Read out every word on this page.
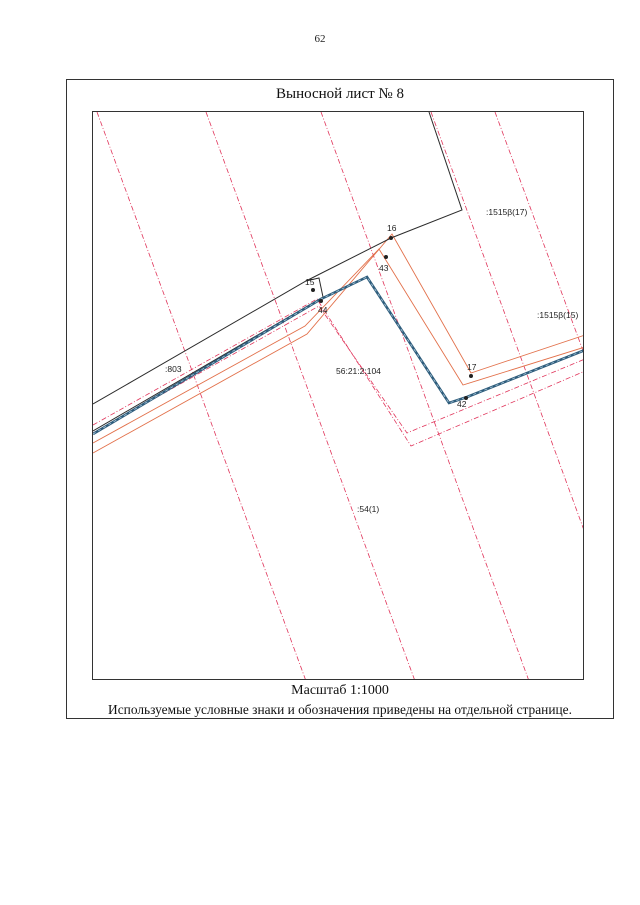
62
Выносной лист № 8
16
43
15
44
17
42
:1515β(17)
:1515β(15)
:803	56:21:2:104
:54(1)
Масштаб 1:1000
Используемые условные знаки и обозначения приведены на отдельной странице.
